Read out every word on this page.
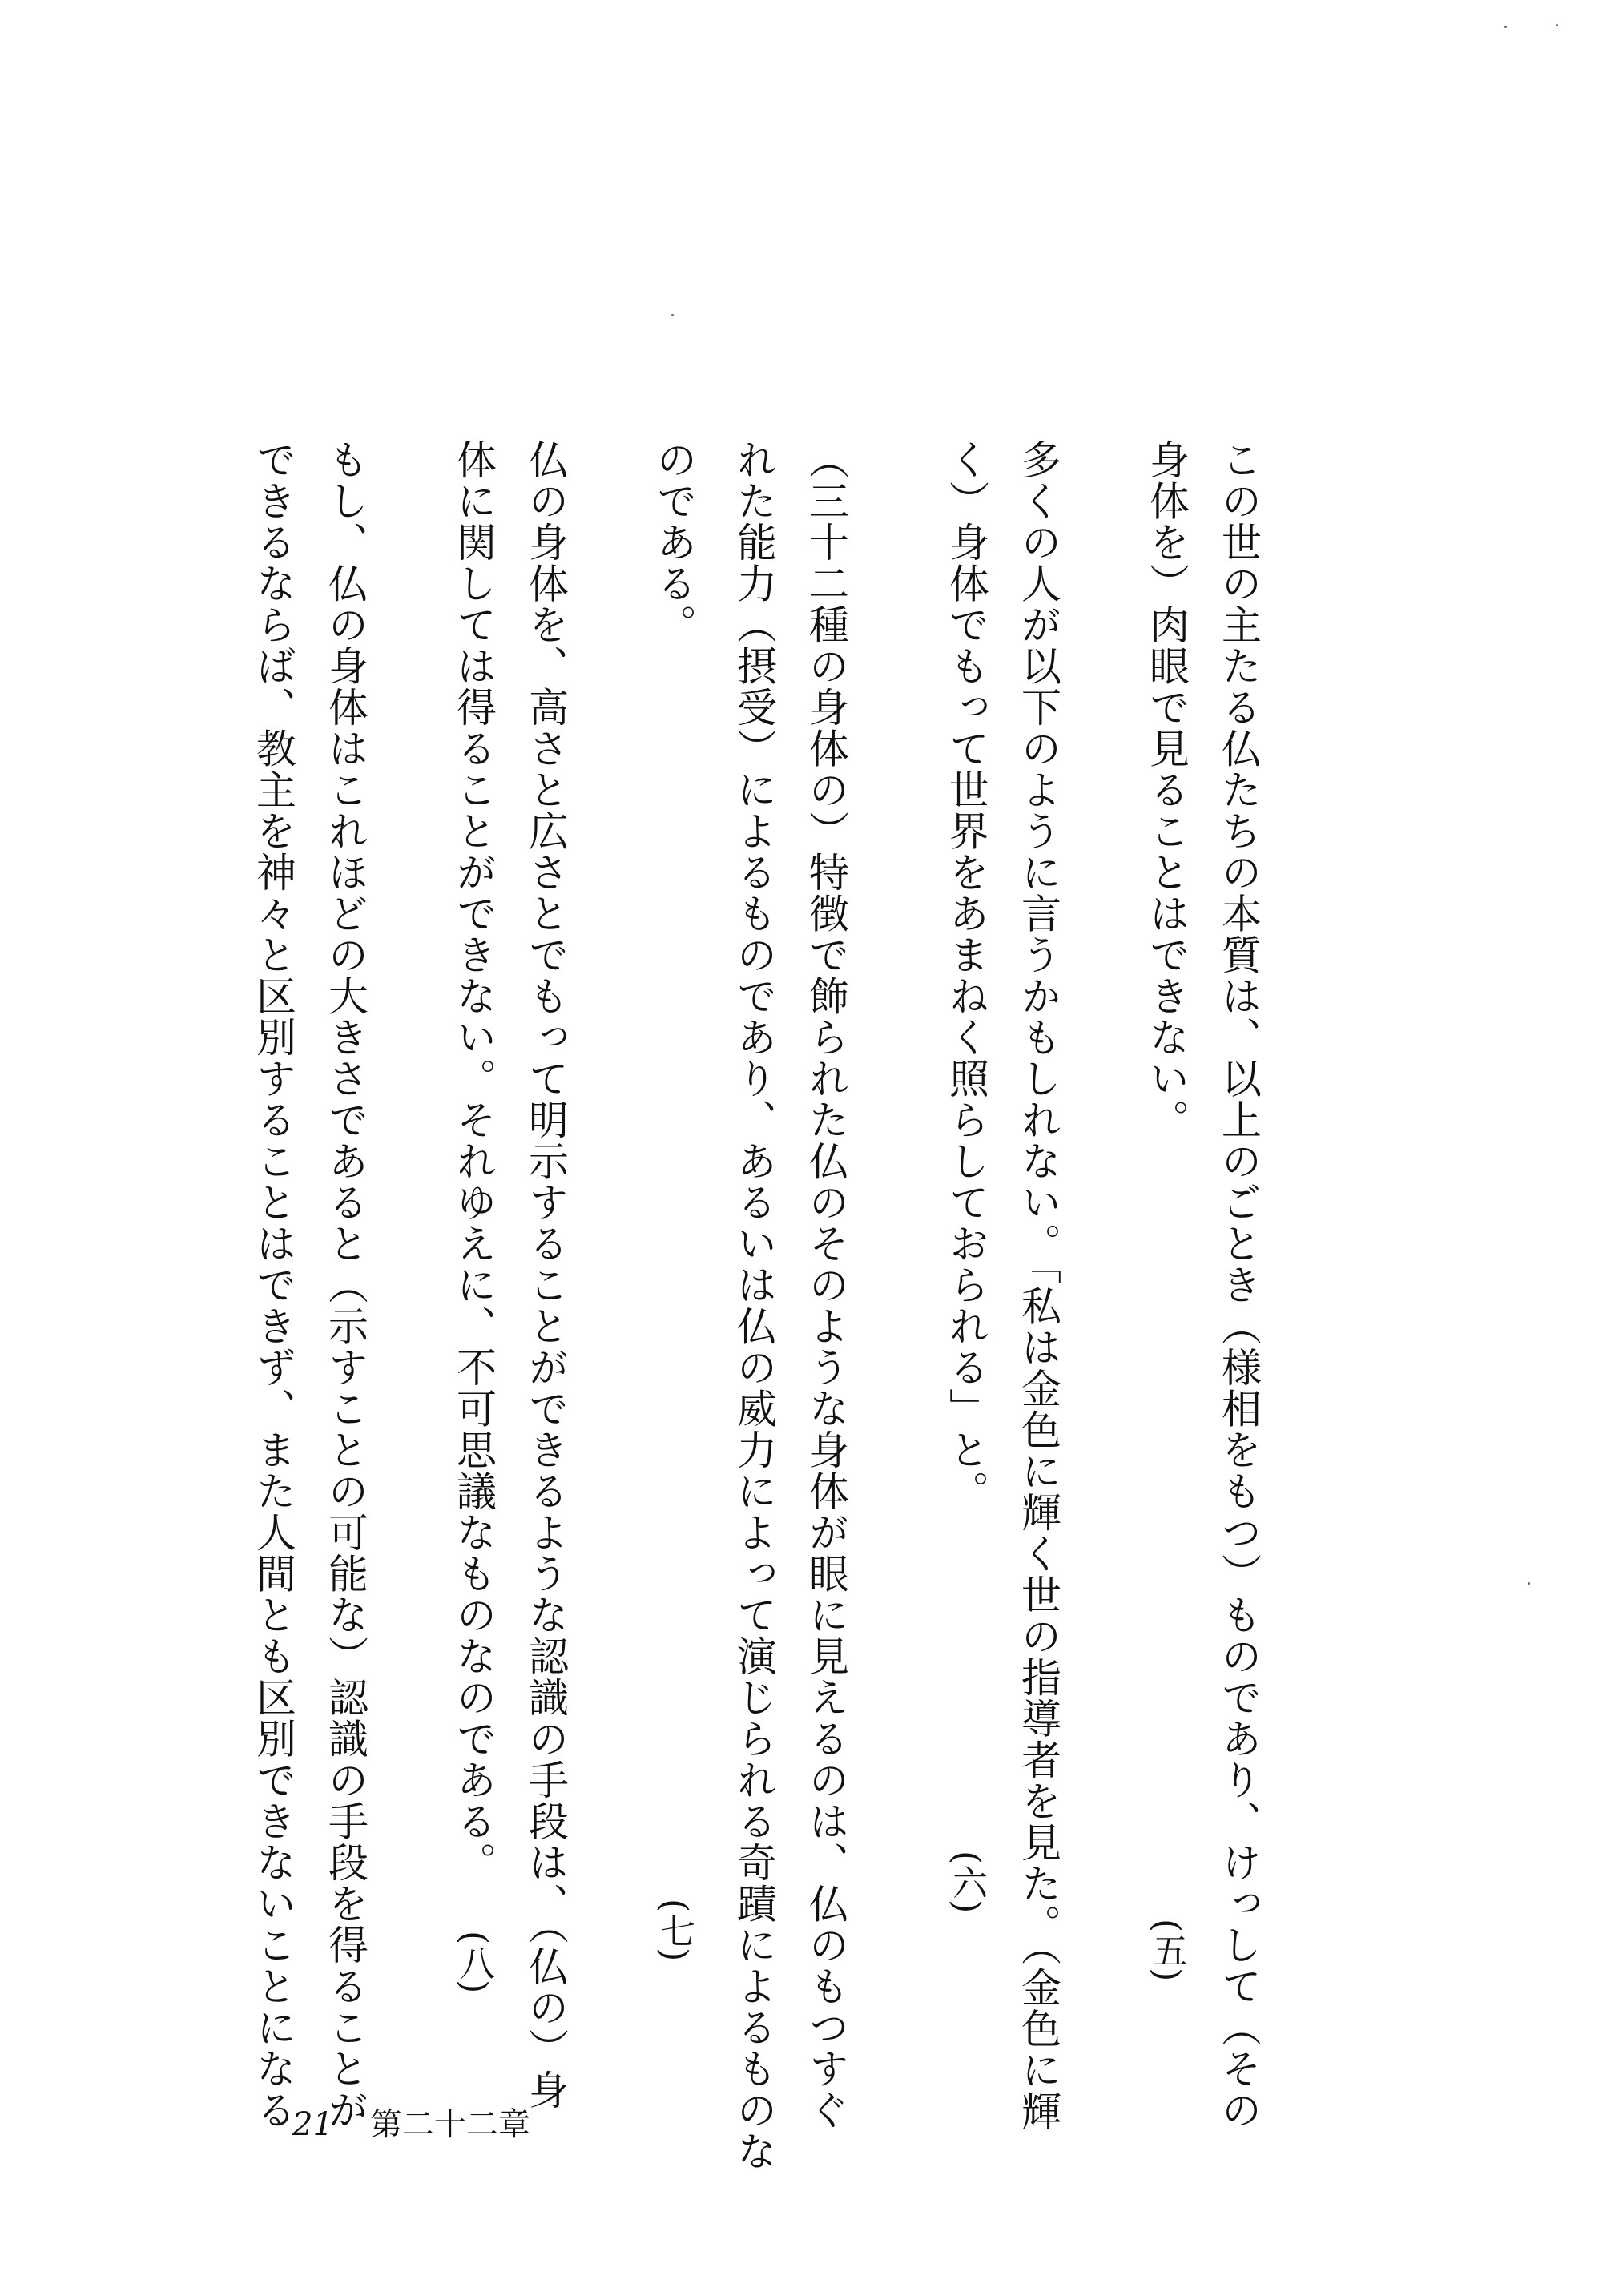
この世の主たる仏たちの本質は、以上のごとき（様相をもつ）ものであり、けっして（その
身体を）肉眼で見ることはできない。
(五)
多くの人が以下のように言うかもしれない。「私は金色に輝く世の指導者を見た。（金色に輝
く）身体でもって世界をあまねく照らしておられる」と。
(六)
（三十二種の身体の）特徴で飾られた仏のそのような身体が眼に見えるのは、仏のもつすぐ
れた能力（摂受）によるものであり、あるいは仏の威力によって演じられる奇蹟によるものな
のである。
(七)
仏の身体を、高さと広さとでもって明示することができるような認識の手段は、（仏の）身
体に関しては得ることができない。それゆえに、不可思議なものなのである。
(八)
もし、仏の身体はこれほどの大きさであると（示すことの可能な）認識の手段を得ることが
できるならば、教主を神々と区別することはできず、また人間とも区別できないことになる
21 第二十二章
